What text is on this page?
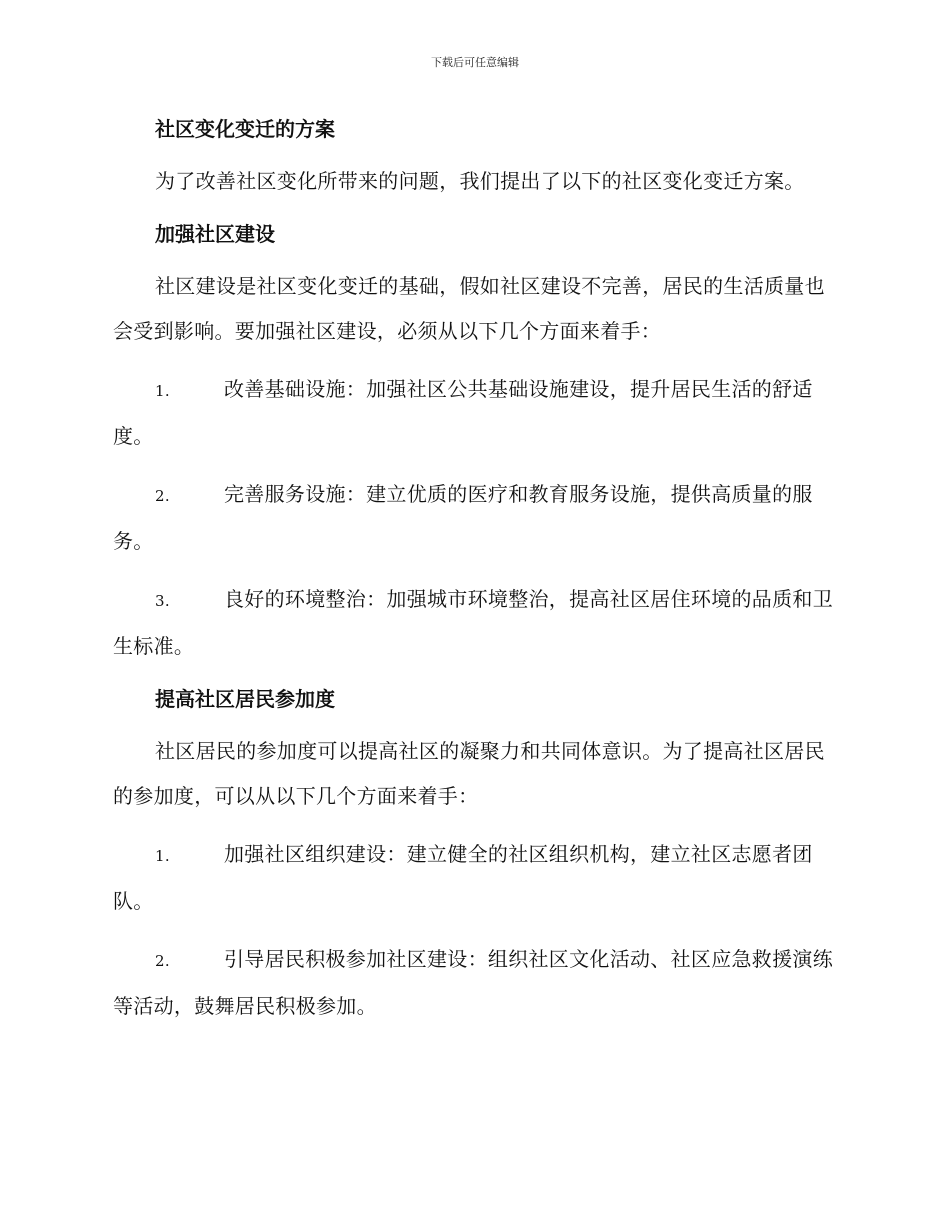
下载后可任意编辑
社区变化变迁的方案

为了改善社区变化所带来的问题，我们提出了以下的社区变化变迁方案。

加强社区建设

社区建设是社区变化变迁的基础，假如社区建设不完善，居民的生活质量也会受到影响。要加强社区建设，必须从以下几个方面来着手：

1.	改善基础设施：加强社区公共基础设施建设，提升居民生活的舒适度。

2.	完善服务设施：建立优质的医疗和教育服务设施，提供高质量的服务。

3.	良好的环境整治：加强城市环境整治，提高社区居住环境的品质和卫生标准。

提高社区居民参加度

社区居民的参加度可以提高社区的凝聚力和共同体意识。为了提高社区居民的参加度，可以从以下几个方面来着手：

1.	加强社区组织建设：建立健全的社区组织机构，建立社区志愿者团队。

2.	引导居民积极参加社区建设：组织社区文化活动、社区应急救援演练等活动，鼓舞居民积极参加。
